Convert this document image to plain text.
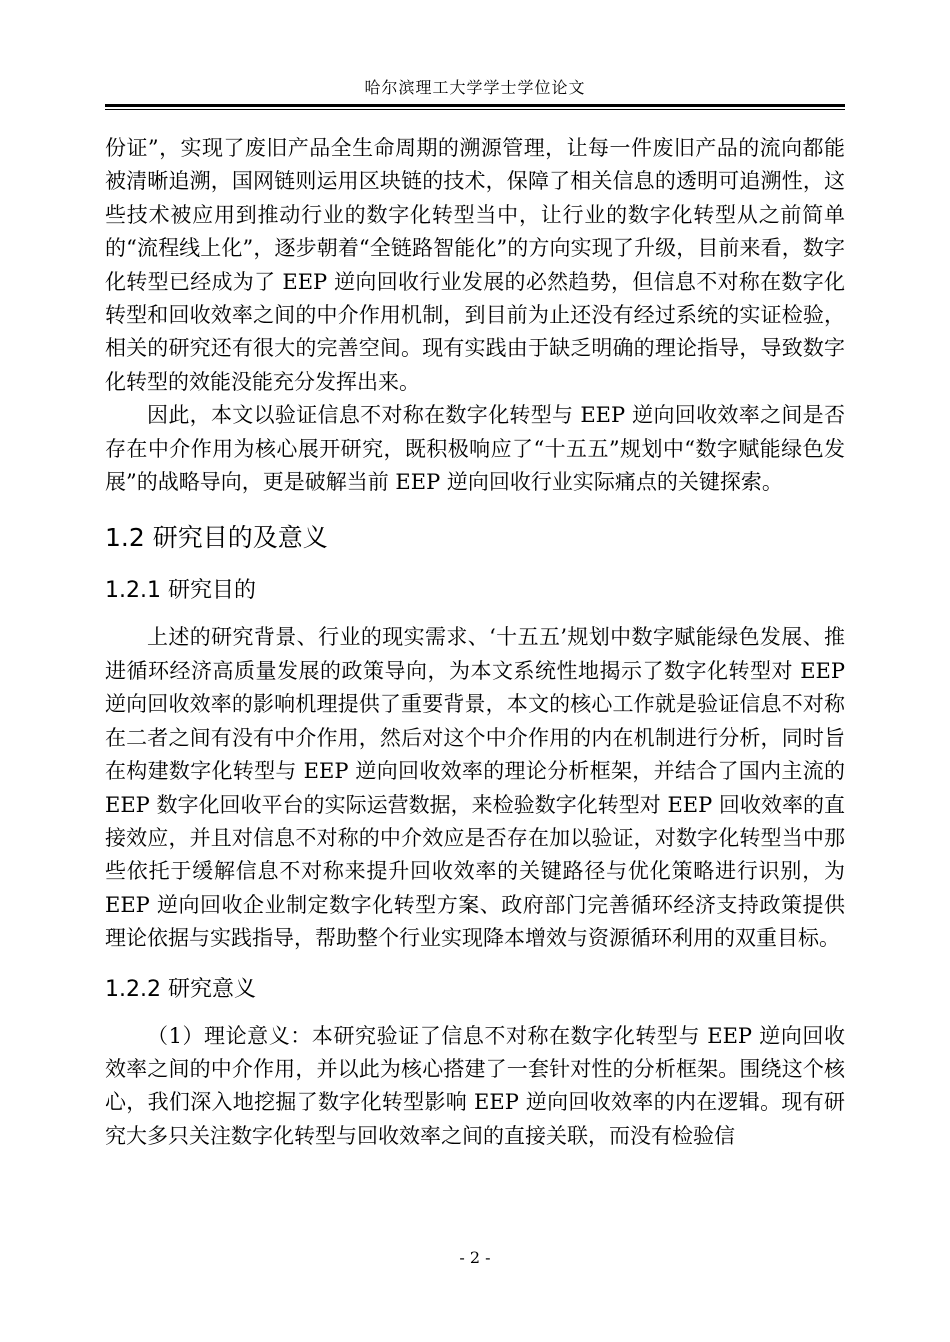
哈尔滨理工大学学士学位论文

份证”，实现了废旧产品全生命周期的溯源管理，让每一件废旧产品的流向都能被清晰追溯，国网链则运用区块链的技术，保障了相关信息的透明可追溯性，这些技术被应用到推动行业的数字化转型当中，让行业的数字化转型从之前简单的“流程线上化”，逐步朝着“全链路智能化”的方向实现了升级，目前来看，数字化转型已经成为了 EEP 逆向回收行业发展的必然趋势，但信息不对称在数字化转型和回收效率之间的中介作用机制，到目前为止还没有经过系统的实证检验，相关的研究还有很大的完善空间。现有实践由于缺乏明确的理论指导，导致数字化转型的效能没能充分发挥出来。

因此，本文以验证信息不对称在数字化转型与 EEP 逆向回收效率之间是否存在中介作用为核心展开研究，既积极响应了“十五五”规划中“数字赋能绿色发展”的战略导向，更是破解当前 EEP 逆向回收行业实际痛点的关键探索。

1.2 研究目的及意义
1.2.1 研究目的

上述的研究背景、行业的现实需求、‘十五五’规划中数字赋能绿色发展、推进循环经济高质量发展的政策导向，为本文系统性地揭示了数字化转型对 EEP 逆向回收效率的影响机理提供了重要背景，本文的核心工作就是验证信息不对称在二者之间有没有中介作用，然后对这个中介作用的内在机制进行分析，同时旨在构建数字化转型与 EEP 逆向回收效率的理论分析框架，并结合了国内主流的 EEP 数字化回收平台的实际运营数据，来检验数字化转型对 EEP 回收效率的直接效应，并且对信息不对称的中介效应是否存在加以验证，对数字化转型当中那些依托于缓解信息不对称来提升回收效率的关键路径与优化策略进行识别，为 EEP 逆向回收企业制定数字化转型方案、政府部门完善循环经济支持政策提供理论依据与实践指导，帮助整个行业实现降本增效与资源循环利用的双重目标。

1.2.2 研究意义

（1）理论意义：本研究验证了信息不对称在数字化转型与 EEP 逆向回收效率之间的中介作用，并以此为核心搭建了一套针对性的分析框架。围绕这个核心，我们深入地挖掘了数字化转型影响 EEP 逆向回收效率的内在逻辑。现有研究大多只关注数字化转型与回收效率之间的直接关联，而没有检验信

- 2 -
